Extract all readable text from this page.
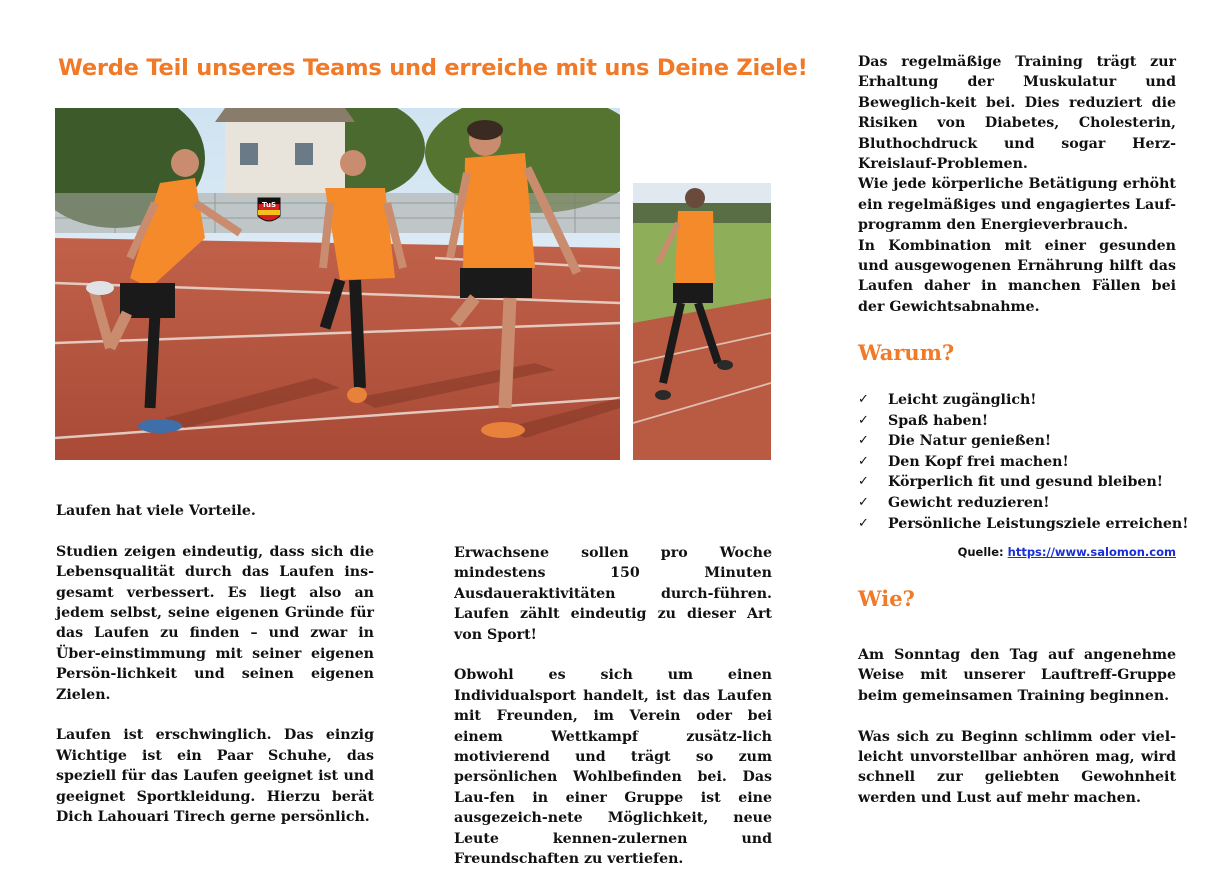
Werde Teil unseres Teams und erreiche mit uns Deine Ziele!
TuS

Laufen hat viele Vorteile.

Studien zeigen eindeutig, dass sich die Lebensqualität durch das Laufen ins-gesamt verbessert. Es liegt also an jedem selbst, seine eigenen Gründe für das Laufen zu finden – und zwar in Über-einstimmung mit seiner eigenen Persön-lichkeit und seinen eigenen Zielen.

Laufen ist erschwinglich. Das einzig Wichtige ist ein Paar Schuhe, das speziell für das Laufen geeignet ist und geeignet Sportkleidung. Hierzu berät Dich Lahouari Tirech gerne persönlich.

Erwachsene sollen pro Woche mindestens 150 Minuten Ausdaueraktivitäten durch-führen. Laufen zählt eindeutig zu dieser Art von Sport!

Obwohl es sich um einen Individualsport handelt, ist das Laufen mit Freunden, im Verein oder bei einem Wettkampf zusätz-lich motivierend und trägt so zum persönlichen Wohlbefinden bei. Das Lau-fen in einer Gruppe ist eine ausgezeich-nete Möglichkeit, neue Leute kennen-zulernen und Freundschaften zu vertiefen.

Das regelmäßige Training trägt zur Erhaltung der Muskulatur und Beweglich-keit bei. Dies reduziert die Risiken von Diabetes, Cholesterin, Bluthochdruck und sogar Herz-Kreislauf-Problemen.
Wie jede körperliche Betätigung erhöht ein regelmäßiges und engagiertes Lauf-programm den Energieverbrauch.
In Kombination mit einer gesunden und ausgewogenen Ernährung hilft das Laufen daher in manchen Fällen bei der Gewichtsabnahme.
Warum?
✓	Leicht zugänglich!
✓	Spaß haben!
✓	Die Natur genießen!
✓	Den Kopf frei machen!
✓	Körperlich fit und gesund bleiben!
✓	Gewicht reduzieren!
✓	Persönliche Leistungsziele erreichen!
Quelle: https://www.salomon.com
Wie?

Am Sonntag den Tag auf angenehme Weise mit unserer Lauftreff-Gruppe beim gemeinsamen Training beginnen.

Was sich zu Beginn schlimm oder viel-leicht unvorstellbar anhören mag, wird schnell zur geliebten Gewohnheit werden und Lust auf mehr machen.
